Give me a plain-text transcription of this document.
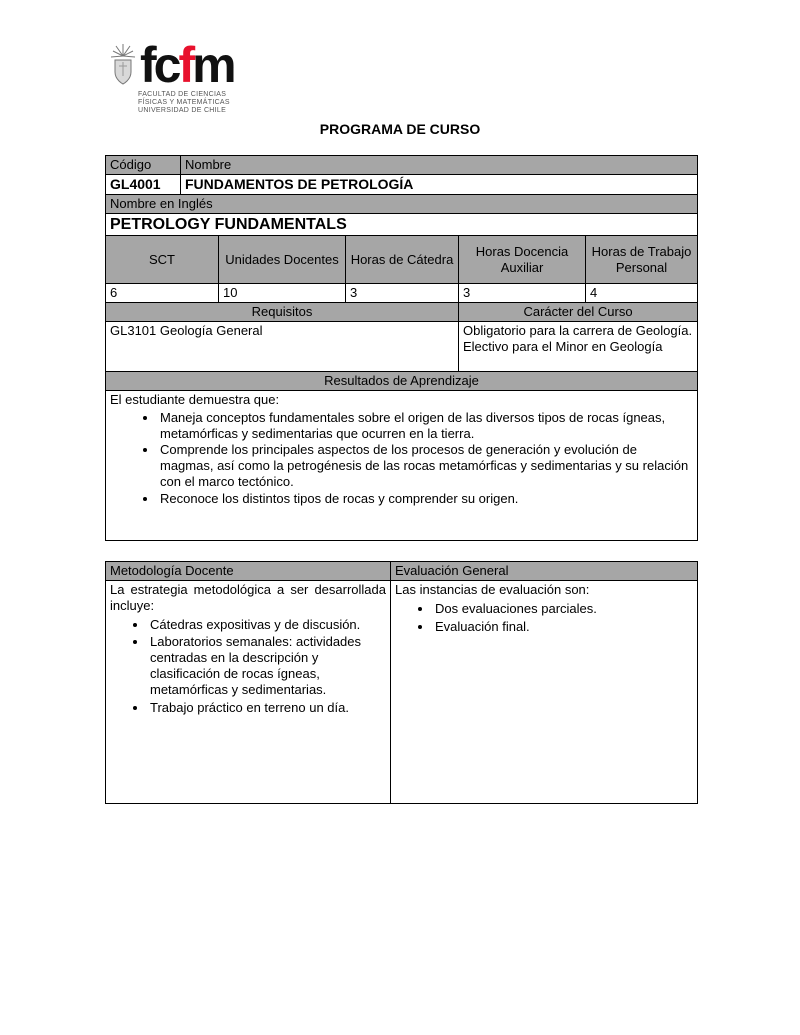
fcfm
FACULTAD DE CIENCIAS
FÍSICAS Y MATEMÁTICAS
UNIVERSIDAD DE CHILE
PROGRAMA DE CURSO
Código	Nombre				
GL4001	FUNDAMENTOS DE PETROLOGÍA				
Nombre en Inglés					
PETROLOGY FUNDAMENTALS					
SCT		Unidades Docentes	Horas de Cátedra	Horas Docencia Auxiliar	Horas de Trabajo Personal
6		10	3	3	4
Requisitos				Carácter del Curso	
GL3101 Geología General				Obligatorio para la carrera de Geología.
Electivo para el Minor en Geología	

Resultados de Aprendizaje					

El estudiante demuestra que:
• Maneja conceptos fundamentales sobre el origen de las diversos tipos de rocas ígneas, metamórficas y sedimentarias que ocurren en la tierra.
• Comprende los principales aspectos de los procesos de generación y evolución de magmas, así como la petrogénesis de las rocas metamórficas y sedimentarias y su relación con el marco tectónico.
• Reconoce los distintos tipos de rocas y comprender su origen.
Metodología Docente	Evaluación General

La estrategia metodológica a ser desarrollada incluye:
• Cátedras expositivas y de discusión.
• Laboratorios semanales: actividades centradas en la descripción y clasificación de rocas ígneas, metamórficas y sedimentarias.
• Trabajo práctico en terreno un día.

Las instancias de evaluación son:
• Dos evaluaciones parciales.
• Evaluación final.
